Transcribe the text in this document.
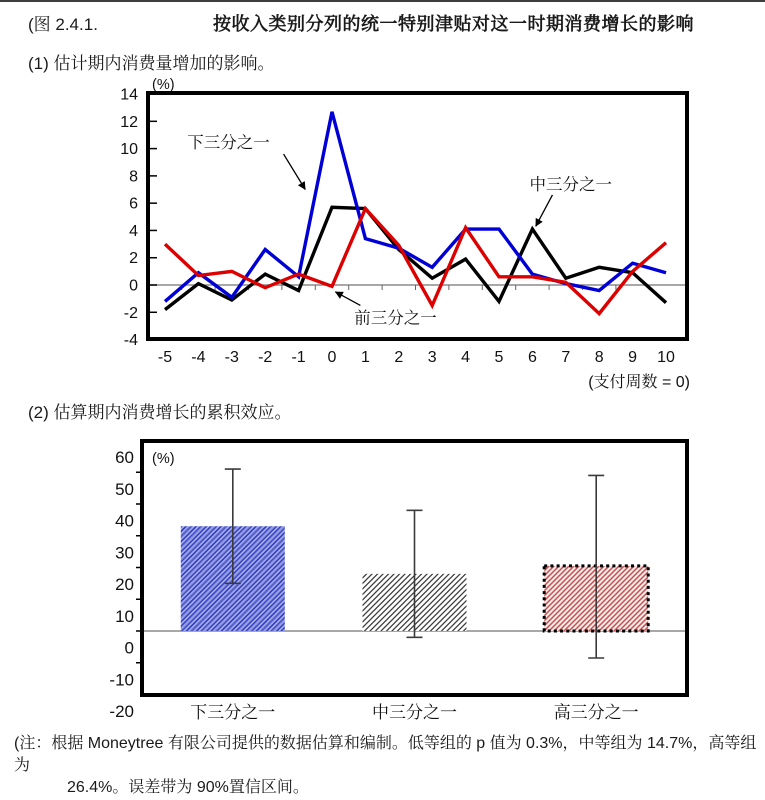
(图 2.4.1.	按收入类别分列的统一特别津贴对这一时期消费增长的影响
(1) 估计期内消费量增加的影响。
-4
-2
0
2
4
6
8
10
12
14
-5 -4 -3 -2 -1 0 1 2 3 4 5 6 7 8 9 10
(%)
(支付周数 = 0)
下三分之一
中三分之一
前三分之一
(2) 估算期内消费增长的累积效应。
-20
-10
0
10
20
30
40
50
60 (%)
下三分之一	中三分之一	高三分之一
(注：根据 Moneytree 有限公司提供的数据估算和编制。低等组的 p 值为 0.3%，中等组为 14.7%，高等组为
26.4%。误差带为 90%置信区间。
